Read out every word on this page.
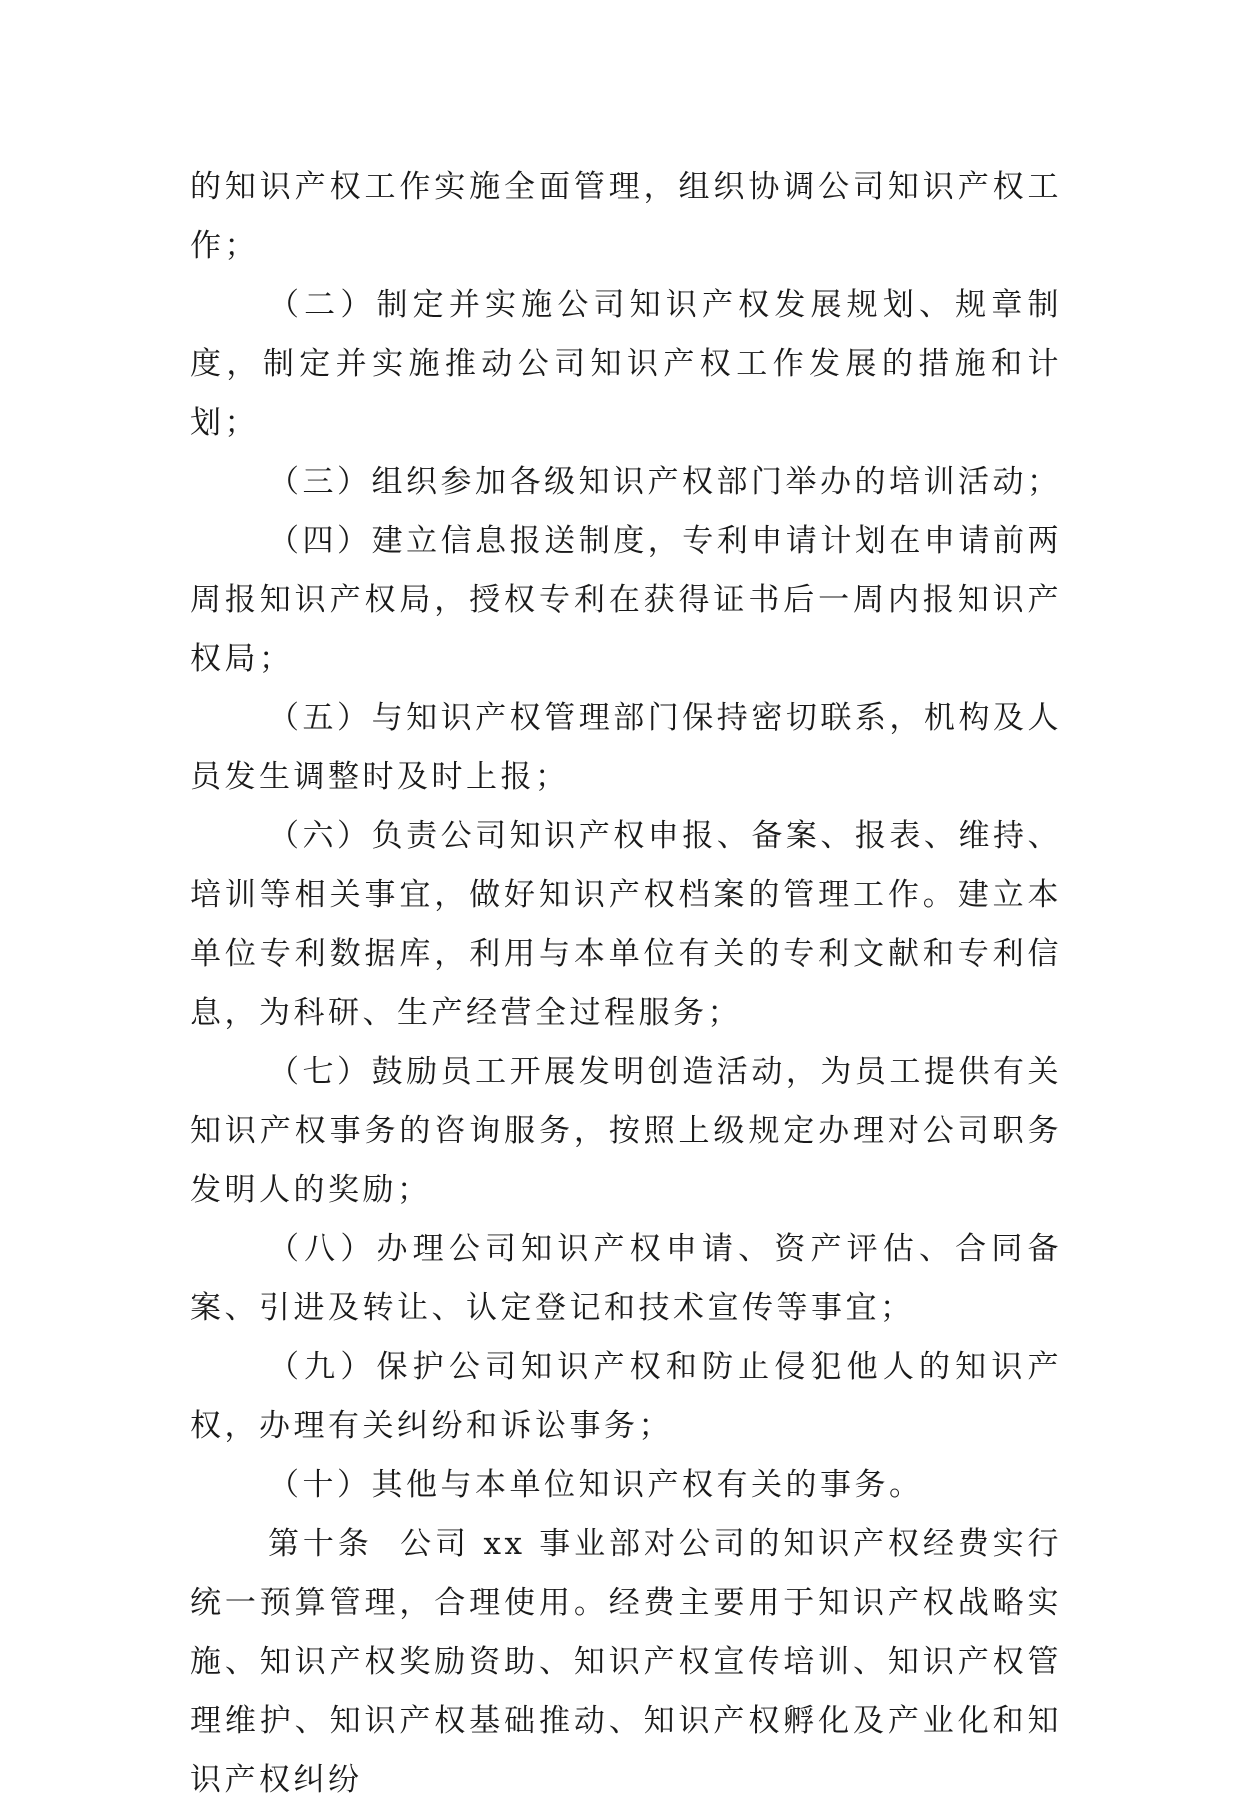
的知识产权工作实施全面管理，组织协调公司知识产权工作；

（二）制定并实施公司知识产权发展规划、规章制度，制定并实施推动公司知识产权工作发展的措施和计划；

（三）组织参加各级知识产权部门举办的培训活动；

（四）建立信息报送制度，专利申请计划在申请前两周报知识产权局，授权专利在获得证书后一周内报知识产权局；

（五）与知识产权管理部门保持密切联系，机构及人员发生调整时及时上报；

（六）负责公司知识产权申报、备案、报表、维持、培训等相关事宜，做好知识产权档案的管理工作。建立本单位专利数据库，利用与本单位有关的专利文献和专利信息，为科研、生产经营全过程服务；

（七）鼓励员工开展发明创造活动，为员工提供有关知识产权事务的咨询服务，按照上级规定办理对公司职务发明人的奖励；

（八）办理公司知识产权申请、资产评估、合同备案、引进及转让、认定登记和技术宣传等事宜；

（九）保护公司知识产权和防止侵犯他人的知识产权，办理有关纠纷和诉讼事务；

（十）其他与本单位知识产权有关的事务。

第十条  公司 xx 事业部对公司的知识产权经费实行统一预算管理，合理使用。经费主要用于知识产权战略实施、知识产权奖励资助、知识产权宣传培训、知识产权管理维护、知识产权基础推动、知识产权孵化及产业化和知识产权纠纷
